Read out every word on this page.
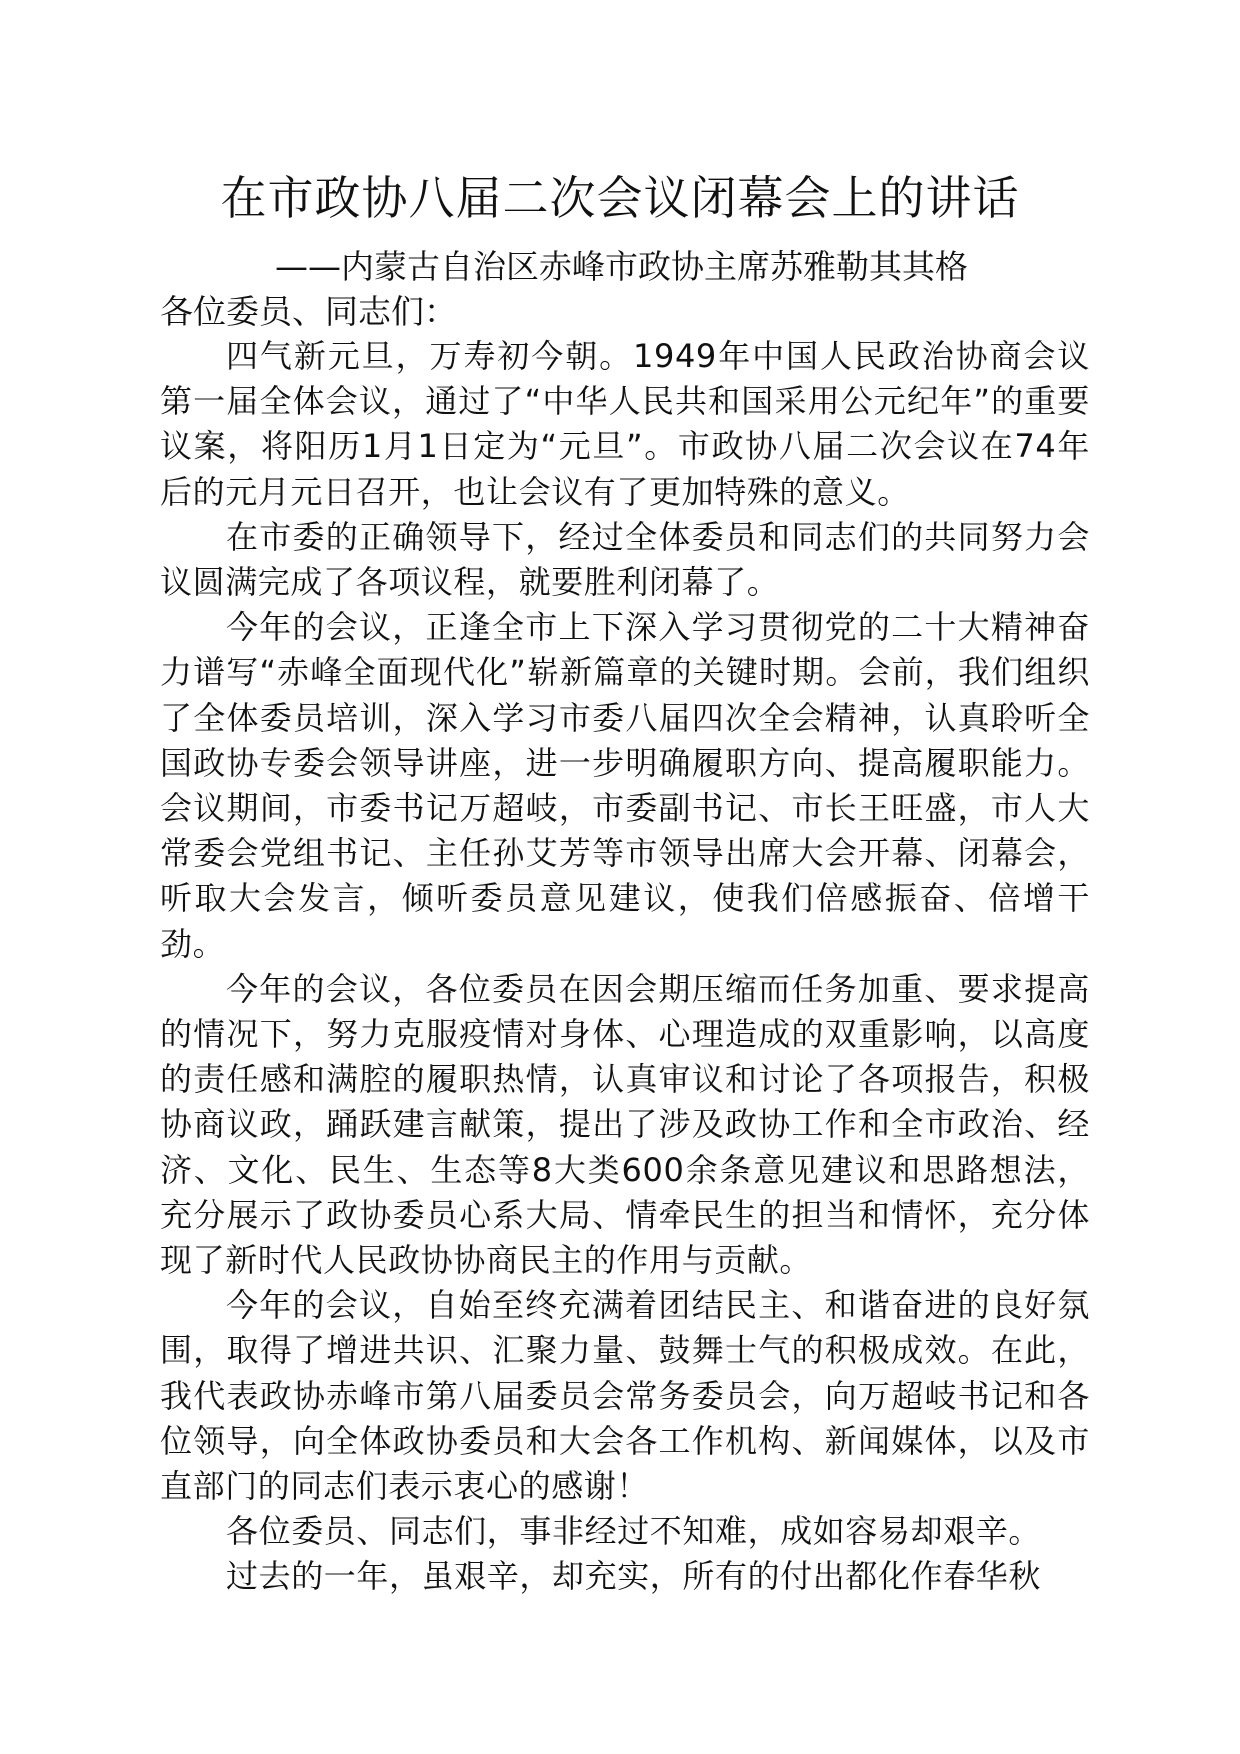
在市政协八届二次会议闭幕会上的讲话

——内蒙古自治区赤峰市政协主席苏雅勒其其格

各位委员、同志们：

四气新元旦，万寿初今朝。1949年中国人民政治协商会议第一届全体会议，通过了“中华人民共和国采用公元纪年”的重要议案，将阳历1月1日定为“元旦”。市政协八届二次会议在74年后的元月元日召开，也让会议有了更加特殊的意义。

在市委的正确领导下，经过全体委员和同志们的共同努力会议圆满完成了各项议程，就要胜利闭幕了。

今年的会议，正逢全市上下深入学习贯彻党的二十大精神奋力谱写“赤峰全面现代化”崭新篇章的关键时期。会前，我们组织了全体委员培训，深入学习市委八届四次全会精神，认真聆听全国政协专委会领导讲座，进一步明确履职方向、提高履职能力。会议期间，市委书记万超岐，市委副书记、市长王旺盛，市人大常委会党组书记、主任孙艾芳等市领导出席大会开幕、闭幕会，听取大会发言，倾听委员意见建议，使我们倍感振奋、倍增干劲。

今年的会议，各位委员在因会期压缩而任务加重、要求提高的情况下，努力克服疫情对身体、心理造成的双重影响，以高度的责任感和满腔的履职热情，认真审议和讨论了各项报告，积极协商议政，踊跃建言献策，提出了涉及政协工作和全市政治、经济、文化、民生、生态等8大类600余条意见建议和思路想法，充分展示了政协委员心系大局、情牵民生的担当和情怀，充分体现了新时代人民政协协商民主的作用与贡献。

今年的会议，自始至终充满着团结民主、和谐奋进的良好氛围，取得了增进共识、汇聚力量、鼓舞士气的积极成效。在此，我代表政协赤峰市第八届委员会常务委员会，向万超岐书记和各位领导，向全体政协委员和大会各工作机构、新闻媒体，以及市直部门的同志们表示衷心的感谢！

各位委员、同志们，事非经过不知难，成如容易却艰辛。

过去的一年，虽艰辛，却充实，所有的付出都化作春华秋
